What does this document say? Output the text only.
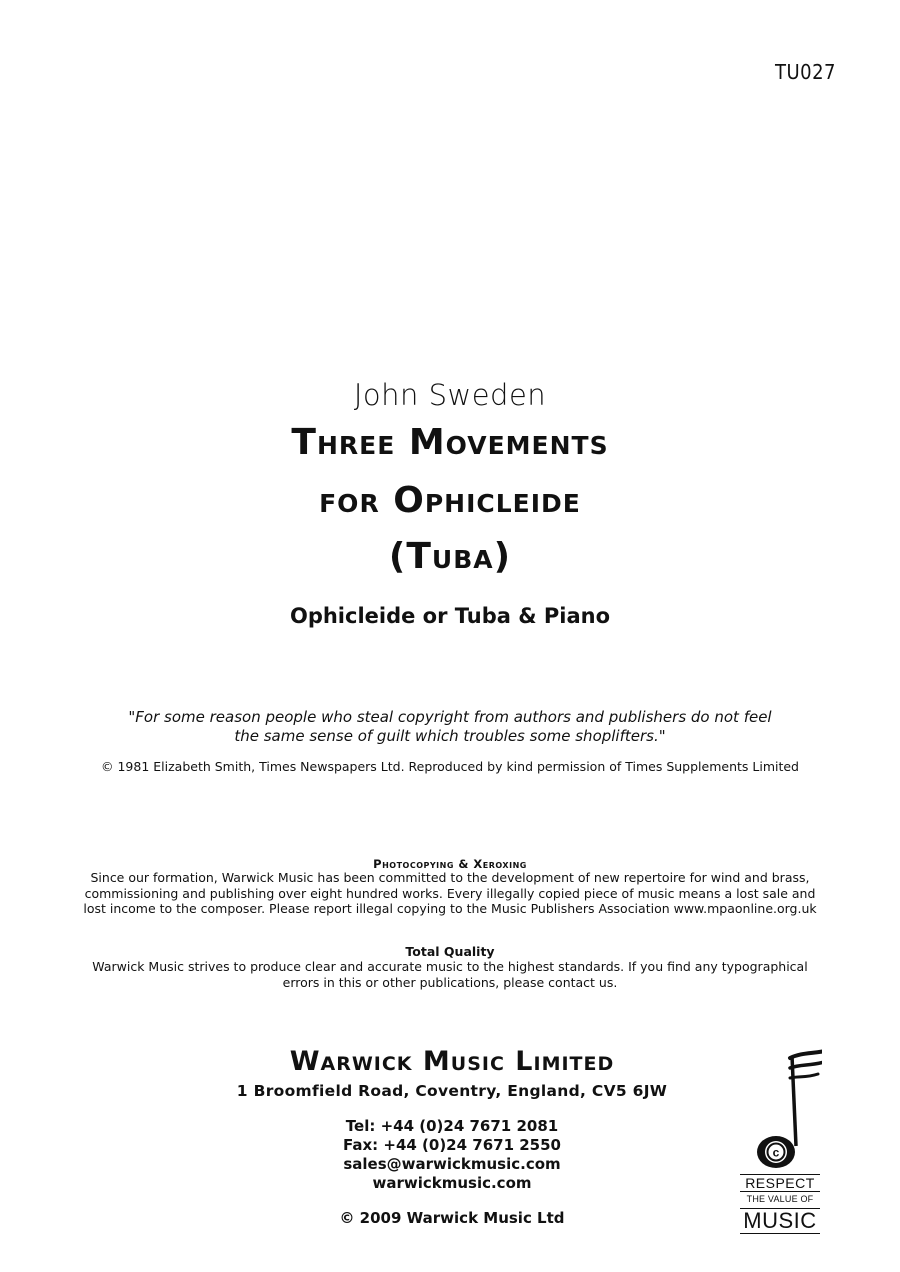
TU027
John Sweden
Three Movements
for Ophicleide
(Tuba)
Ophicleide or Tuba & Piano
"For some reason people who steal copyright from authors and publishers do not feel
the same sense of guilt which troubles some shoplifters."
© 1981 Elizabeth Smith, Times Newspapers Ltd. Reproduced by kind permission of Times Supplements Limited
Photocopying & Xeroxing
Since our formation, Warwick Music has been committed to the development of new repertoire for wind and brass,
commissioning and publishing over eight hundred works. Every illegally copied piece of music means a lost sale and
lost income to the composer. Please report illegal copying to the Music Publishers Association www.mpaonline.org.uk
Total Quality
Warwick Music strives to produce clear and accurate music to the highest standards. If you find any typographical
errors in this or other publications, please contact us.
Warwick Music Limited
1 Broomfield Road, Coventry, England, CV5 6JW
Tel: +44 (0)24 7671 2081
Fax: +44 (0)24 7671 2550
sales@warwickmusic.com
warwickmusic.com
© 2009 Warwick Music Ltd
c
RESPECT
THE VALUE OF
MUSIC
